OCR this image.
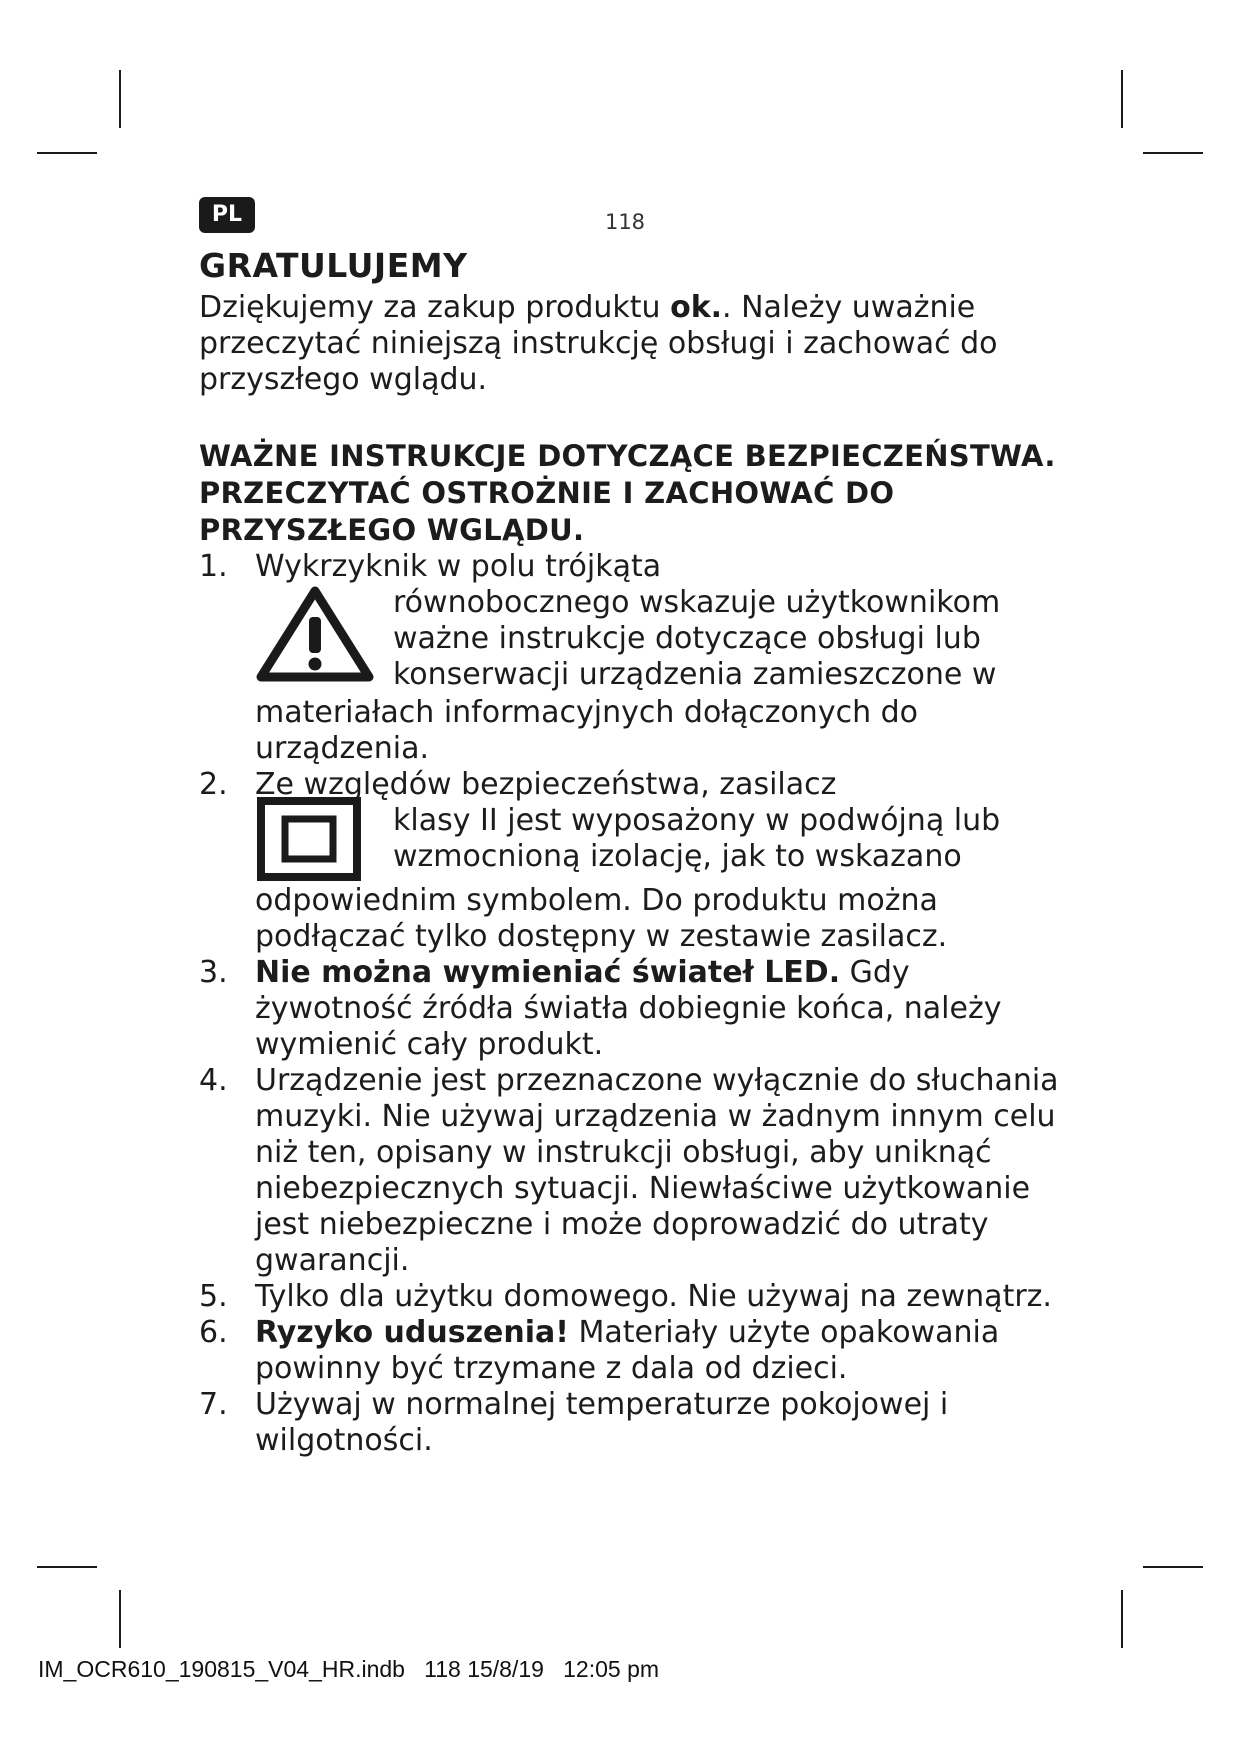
PL	118
GRATULUJEMY

Dziękujemy za zakup produktu ok.. Należy uważnie przeczytać niniejszą instrukcję obsługi i zachować do przyszłego wglądu.

WAŻNE INSTRUKCJE DOTYCZĄCE BEZPIECZEŃSTWA. PRZECZYTAĆ OSTROŻNIE I ZACHOWAĆ DO PRZYSZŁEGO WGLĄDU.
1. Wykrzyknik w polu trójkąta
równobocznego wskazuje użytkownikom ważne instrukcje dotyczące obsługi lub konserwacji urządzenia zamieszczone w

materiałach informacyjnych dołączonych do urządzenia.

2. Ze względów bezpieczeństwa, zasilacz
klasy II jest wyposażony w podwójną lub wzmocnioną izolację, jak to wskazano

odpowiednim symbolem. Do produktu można podłączać tylko dostępny w zestawie zasilacz.

3. Nie można wymieniać świateł LED. Gdy żywotność źródła światła dobiegnie końca, należy wymienić cały produkt.
4. Urządzenie jest przeznaczone wyłącznie do słuchania muzyki. Nie używaj urządzenia w żadnym innym celu niż ten, opisany w instrukcji obsługi, aby uniknąć niebezpiecznych sytuacji. Niewłaściwe użytkowanie jest niebezpieczne i może doprowadzić do utraty gwarancji.
5. Tylko dla użytku domowego. Nie używaj na zewnątrz.
6. Ryzyko uduszenia! Materiały użyte opakowania powinny być trzymane z dala od dzieci.
7. Używaj w normalnej temperaturze pokojowej i wilgotności.
IM_OCR610_190815_V04_HR.indb 118 15/8/19 12:05 pm
